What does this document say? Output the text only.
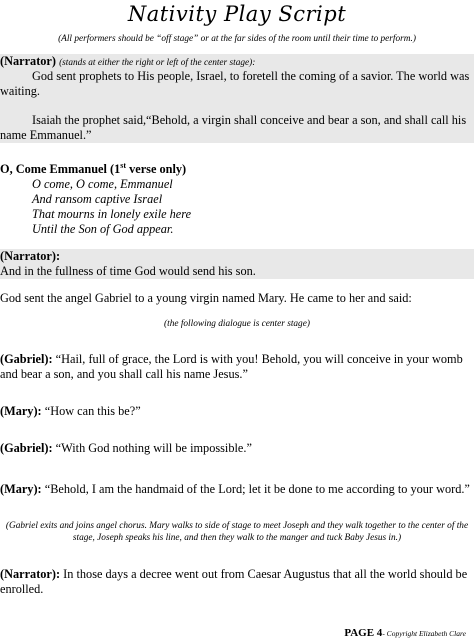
Nativity Play Script
(All performers should be “off stage” or at the far sides of the room until their time to perform.)
(Narrator) (stands at either the right or left of the center stage):
God sent prophets to His people, Israel, to foretell the coming of a savior. The world was waiting.
Isaiah the prophet said,“Behold, a virgin shall conceive and bear a son, and shall call his name Emmanuel.”
O, Come Emmanuel (1st verse only)
O come, O come, Emmanuel
And ransom captive Israel
That mourns in lonely exile here
Until the Son of God appear.
(Narrator):
And in the fullness of time God would send his son.
God sent the angel Gabriel to a young virgin named Mary. He came to her and said:
(the following dialogue is center stage)
(Gabriel): “Hail, full of grace, the Lord is with you! Behold, you will conceive in your womb and bear a son, and you shall call his name Jesus.”
(Mary): “How can this be?”
(Gabriel): “With God nothing will be impossible.”
(Mary): “Behold, I am the handmaid of the Lord; let it be done to me according to your word.”
(Gabriel exits and joins angel chorus. Mary walks to side of stage to meet Joseph and they walk together to the center of the stage, Joseph speaks his line, and then they walk to the manger and tuck Baby Jesus in.)
(Narrator): In those days a decree went out from Caesar Augustus that all the world should be enrolled.
PAGE 4- Copyright Elizabeth Clare
